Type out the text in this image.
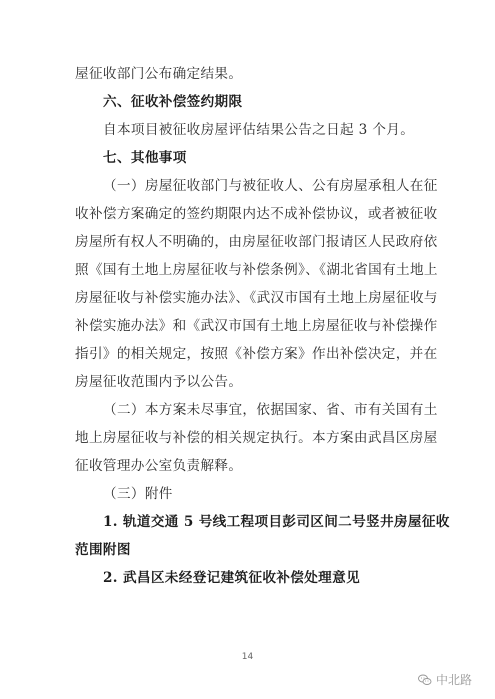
屋征收部门公布确定结果。
六、征收补偿签约期限
自本项目被征收房屋评估结果公告之日起 3 个月。
七、其他事项
（一）房屋征收部门与被征收人、公有房屋承租人在征
收补偿方案确定的签约期限内达不成补偿协议，或者被征收
房屋所有权人不明确的，由房屋征收部门报请区人民政府依
照《国有土地上房屋征收与补偿条例》、《湖北省国有土地上
房屋征收与补偿实施办法》、《武汉市国有土地上房屋征收与
补偿实施办法》和《武汉市国有土地上房屋征收与补偿操作
指引》的相关规定，按照《补偿方案》作出补偿决定，并在
房屋征收范围内予以公告。
（二）本方案未尽事宜，依据国家、省、市有关国有土
地上房屋征收与补偿的相关规定执行。本方案由武昌区房屋
征收管理办公室负责解释。
（三）附件
1. 轨道交通 5 号线工程项目彭司区间二号竖井房屋征收
范围附图
2. 武昌区未经登记建筑征收补偿处理意见
14
中北路
